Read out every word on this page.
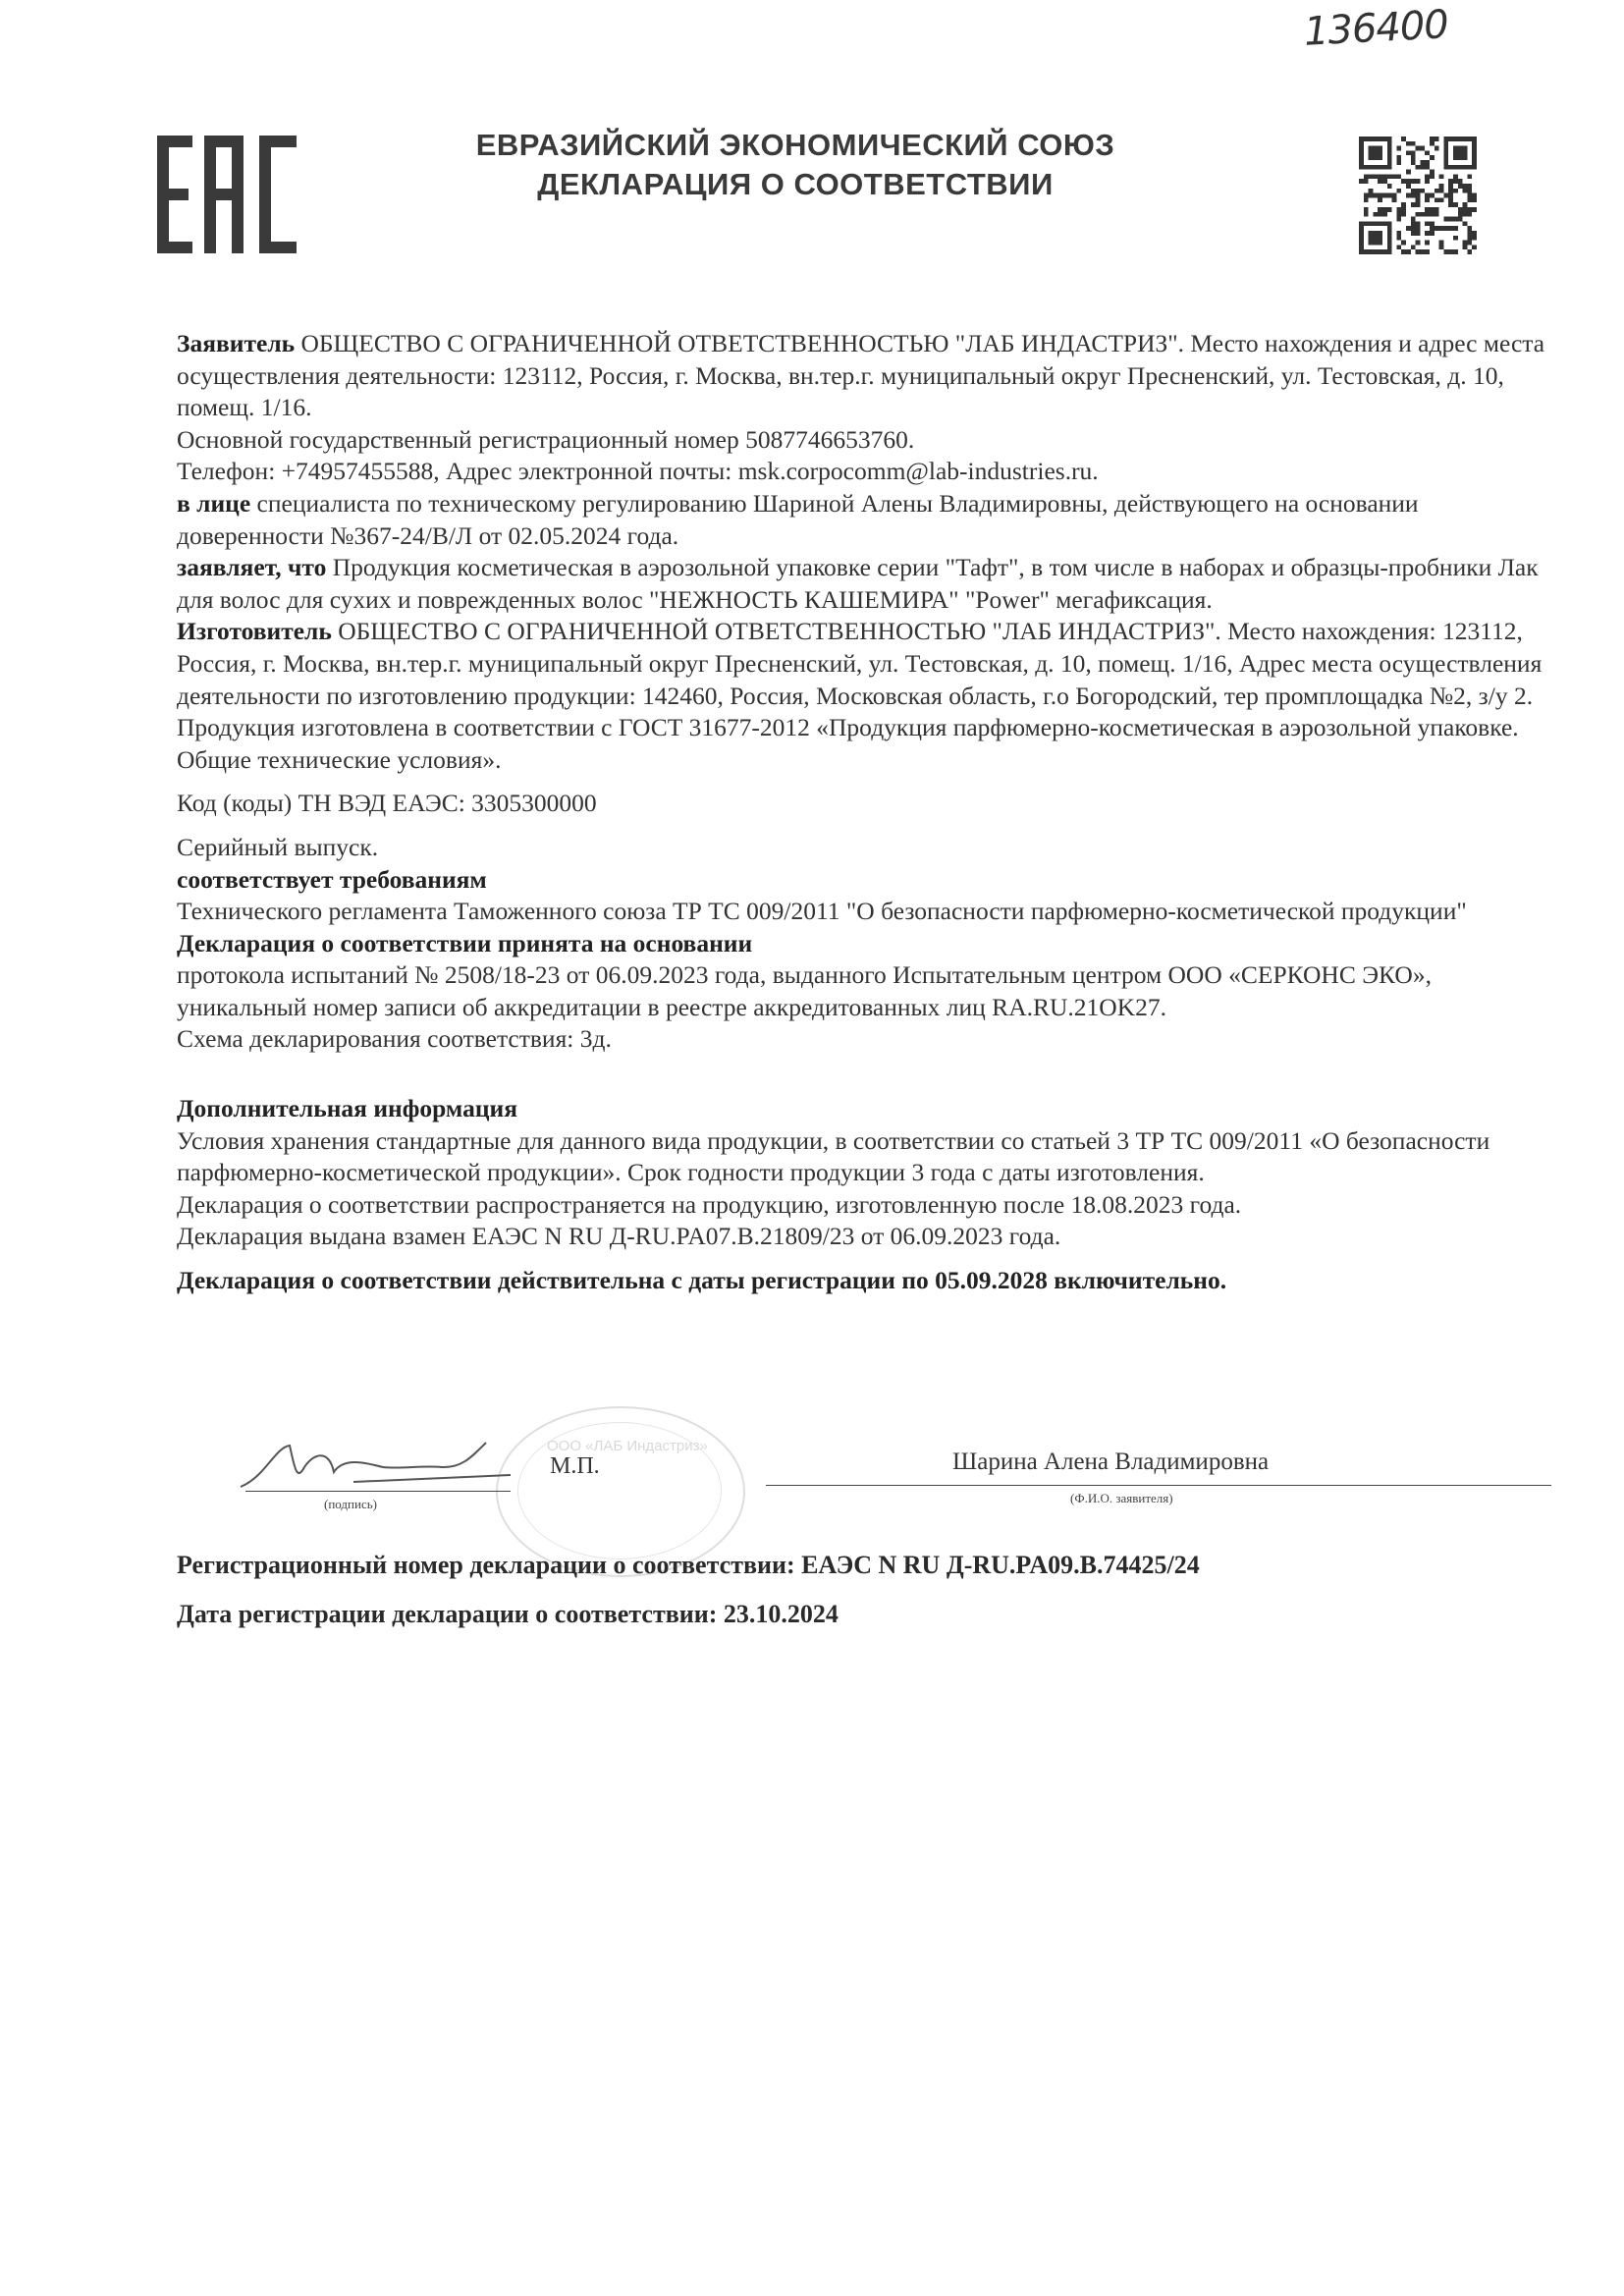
136400
ЕВРАЗИЙСКИЙ ЭКОНОМИЧЕСКИЙ СОЮЗ
ДЕКЛАРАЦИЯ О СООТВЕТСТВИИ

Заявитель ОБЩЕСТВО С ОГРАНИЧЕННОЙ ОТВЕТСТВЕННОСТЬЮ "ЛАБ ИНДАСТРИЗ". Место нахождения и адрес места осуществления деятельности: 123112, Россия, г. Москва, вн.тер.г. муниципальный округ Пресненский, ул. Тестовская, д. 10, помещ. 1/16.

Основной государственный регистрационный номер 5087746653760.

Телефон: +74957455588, Адрес электронной почты: msk.corpocomm@lab-industries.ru.

в лице специалиста по техническому регулированию Шариной Алены Владимировны, действующего на основании доверенности №367-24/В/Л от 02.05.2024 года.

заявляет, что Продукция косметическая в аэрозольной упаковке серии "Тафт", в том числе в наборах и образцы-пробники Лак для волос для сухих и поврежденных волос "НЕЖНОСТЬ КАШЕМИРА" "Power" мегафиксация.

Изготовитель ОБЩЕСТВО С ОГРАНИЧЕННОЙ ОТВЕТСТВЕННОСТЬЮ "ЛАБ ИНДАСТРИЗ". Место нахождения: 123112, Россия, г. Москва, вн.тер.г. муниципальный округ Пресненский, ул. Тестовская, д. 10, помещ. 1/16, Адрес места осуществления деятельности по изготовлению продукции: 142460, Россия, Московская область, г.о Богородский, тер промплощадка №2, з/у 2.

Продукция изготовлена в соответствии с ГОСТ 31677-2012 «Продукция парфюмерно-косметическая в аэрозольной упаковке. Общие технические условия».

Код (коды) ТН ВЭД ЕАЭС: 3305300000

Серийный выпуск.

соответствует требованиям

Технического регламента Таможенного союза ТР ТС 009/2011 "О безопасности парфюмерно-косметической продукции"

Декларация о соответствии принята на основании

протокола испытаний № 2508/18-23 от 06.09.2023 года, выданного Испытательным центром ООО «СЕРКОНС ЭКО», уникальный номер записи об аккредитации в реестре аккредитованных лиц RA.RU.21OK27.

Схема декларирования соответствия: 3д.

Дополнительная информация

Условия хранения стандартные для данного вида продукции, в соответствии со статьей 3 ТР ТС 009/2011 «О безопасности парфюмерно-косметической продукции». Срок годности продукции 3 года с даты изготовления.

Декларация о соответствии распространяется на продукцию, изготовленную после 18.08.2023 года.

Декларация выдана взамен ЕАЭС N RU Д-RU.PA07.B.21809/23 от 06.09.2023 года.

Декларация о соответствии действительна с даты регистрации по 05.09.2028 включительно.

ООО «ЛАБ Индастриз»
(подпись)
М.П.	Шарина Алена Владимировна
(Ф.И.О. заявителя)

Регистрационный номер декларации о соответствии: ЕАЭС N RU Д-RU.PA09.B.74425/24

Дата регистрации декларации о соответствии: 23.10.2024
